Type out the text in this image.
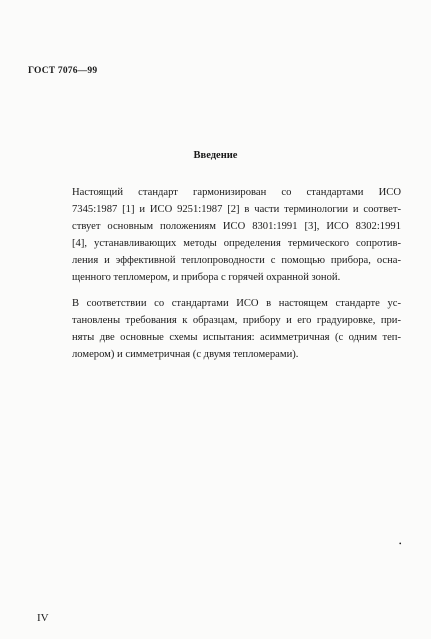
ГОСТ 7076—99
Введение

Настоящий стандарт гармонизирован со стандартами ИСО
7345:1987 [1] и ИСО 9251:1987 [2] в части терминологии и соответ-
ствует основным положениям ИСО 8301:1991 [3], ИСО 8302:1991
[4], устанавливающих методы определения термического сопротив-
ления и эффективной теплопроводности с помощью прибора, осна-
щенного тепломером, и прибора с горячей охранной зоной.

В соответствии со стандартами ИСО в настоящем стандарте ус-
тановлены требования к образцам, прибору и его градуировке, при-
няты две основные схемы испытания: асимметричная (с одним теп-
ломером) и симметричная (с двумя тепломерами).

•
IV
